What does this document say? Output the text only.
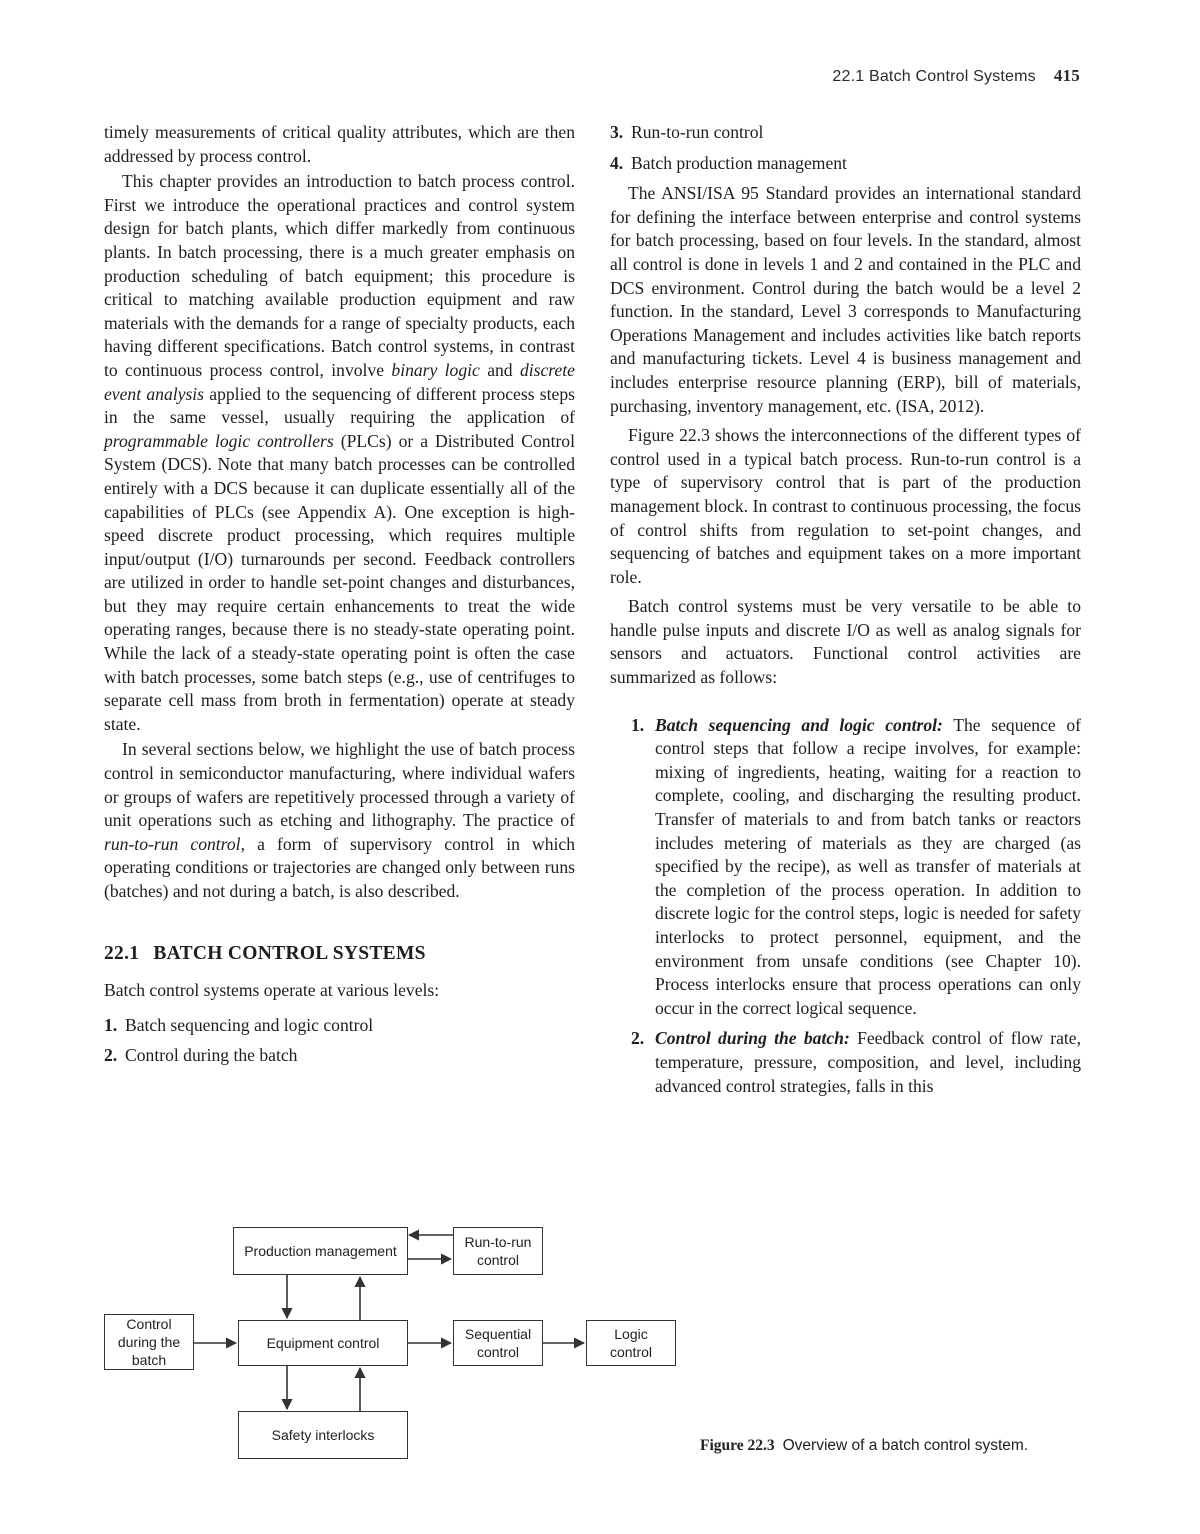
22.1 Batch Control Systems 415

timely measurements of critical quality attributes, which are then addressed by process control.

This chapter provides an introduction to batch process control. First we introduce the operational practices and control system design for batch plants, which differ markedly from continuous plants. In batch processing, there is a much greater emphasis on production scheduling of batch equipment; this procedure is critical to matching available production equipment and raw materials with the demands for a range of specialty products, each having different specifications. Batch control systems, in contrast to continuous process control, involve binary logic and discrete event analysis applied to the sequencing of different process steps in the same vessel, usually requiring the application of programmable logic controllers (PLCs) or a Distributed Control System (DCS). Note that many batch processes can be controlled entirely with a DCS because it can duplicate essentially all of the capabilities of PLCs (see Appendix A). One exception is high-speed discrete product processing, which requires multiple input/output (I/O) turnarounds per second. Feedback controllers are utilized in order to handle set-point changes and disturbances, but they may require certain enhancements to treat the wide operating ranges, because there is no steady-state operating point. While the lack of a steady-state operating point is often the case with batch processes, some batch steps (e.g., use of centrifuges to separate cell mass from broth in fermentation) operate at steady state.

In several sections below, we highlight the use of batch process control in semiconductor manufacturing, where individual wafers or groups of wafers are repetitively processed through a variety of unit operations such as etching and lithography. The practice of run-to-run control, a form of supervisory control in which operating conditions or trajectories are changed only between runs (batches) and not during a batch, is also described.

22.1 BATCH CONTROL SYSTEMS

Batch control systems operate at various levels:

1. Batch sequencing and logic control
2. Control during the batch
3. Run-to-run control
4. Batch production management

The ANSI/ISA 95 Standard provides an international standard for defining the interface between enterprise and control systems for batch processing, based on four levels. In the standard, almost all control is done in levels 1 and 2 and contained in the PLC and DCS environment. Control during the batch would be a level 2 function. In the standard, Level 3 corresponds to Manufacturing Operations Management and includes activities like batch reports and manufacturing tickets. Level 4 is business management and includes enterprise resource planning (ERP), bill of materials, purchasing, inventory management, etc. (ISA, 2012).

Figure 22.3 shows the interconnections of the different types of control used in a typical batch process. Run-to-run control is a type of supervisory control that is part of the production management block. In contrast to continuous processing, the focus of control shifts from regulation to set-point changes, and sequencing of batches and equipment takes on a more important role.

Batch control systems must be very versatile to be able to handle pulse inputs and discrete I/O as well as analog signals for sensors and actuators. Functional control activities are summarized as follows:

1. Batch sequencing and logic control: The sequence of control steps that follow a recipe involves, for example: mixing of ingredients, heating, waiting for a reaction to complete, cooling, and discharging the resulting product. Transfer of materials to and from batch tanks or reactors includes metering of materials as they are charged (as specified by the recipe), as well as transfer of materials at the completion of the process operation. In addition to discrete logic for the control steps, logic is needed for safety interlocks to protect personnel, equipment, and the environment from unsafe conditions (see Chapter 10). Process interlocks ensure that process operations can only occur in the correct logical sequence.
2. Control during the batch: Feedback control of flow rate, temperature, pressure, composition, and level, including advanced control strategies, falls in this
Production management
Run-to-run
control
Control
during the
batch
Equipment control
Sequential
control
Logic
control
Safety interlocks
Figure 22.3 Overview of a batch control system.
